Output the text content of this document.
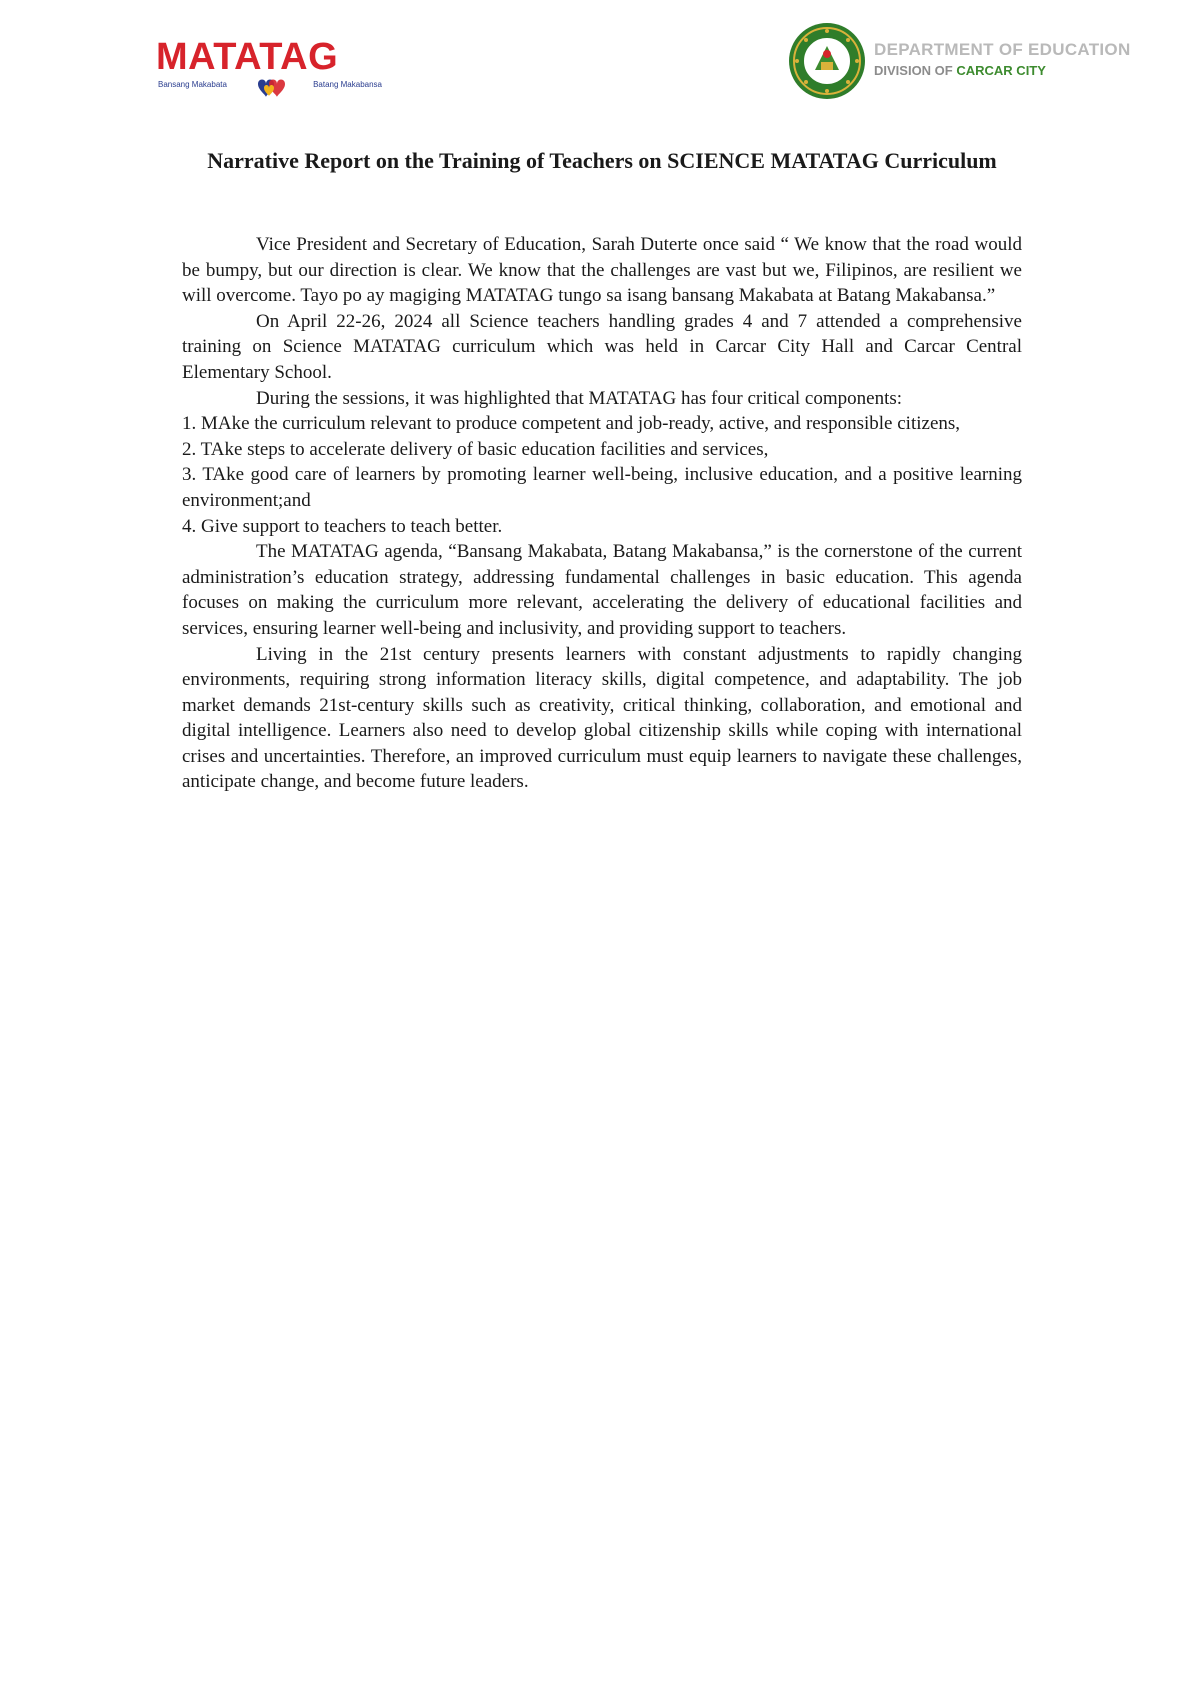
MATATAG
Bansang Makabata	Batang Makabansa
DEPARTMENT OF EDUCATION
DIVISION OF CARCAR CITY
Narrative Report on the Training of Teachers on SCIENCE MATATAG Curriculum

Vice President and Secretary of Education, Sarah Duterte once said “ We know that the road would be bumpy, but our direction is clear. We know that the challenges are vast but we, Filipinos, are resilient we will overcome. Tayo po ay magiging MATATAG tungo sa isang bansang Makabata at Batang Makabansa.”

On April 22-26, 2024 all Science teachers handling grades 4 and 7 attended a comprehensive training on Science MATATAG curriculum which was held in Carcar City Hall and Carcar Central Elementary School.

During the sessions, it was highlighted that MATATAG has four critical components:

1. MAke the curriculum relevant to produce competent and job-ready, active, and responsible citizens,

2. TAke steps to accelerate delivery of basic education facilities and services,

3. TAke good care of learners by promoting learner well-being, inclusive education, and a positive learning environment;and

4. Give support to teachers to teach better.

The MATATAG agenda, “Bansang Makabata, Batang Makabansa,” is the cornerstone of the current administration’s education strategy, addressing fundamental challenges in basic education. This agenda focuses on making the curriculum more relevant, accelerating the delivery of educational facilities and services, ensuring learner well-being and inclusivity, and providing support to teachers.

Living in the 21st century presents learners with constant adjustments to rapidly changing environments, requiring strong information literacy skills, digital competence, and adaptability. The job market demands 21st-century skills such as creativity, critical thinking, collaboration, and emotional and digital intelligence. Learners also need to develop global citizenship skills while coping with international crises and uncertainties. Therefore, an improved curriculum must equip learners to navigate these challenges, anticipate change, and become future leaders.
